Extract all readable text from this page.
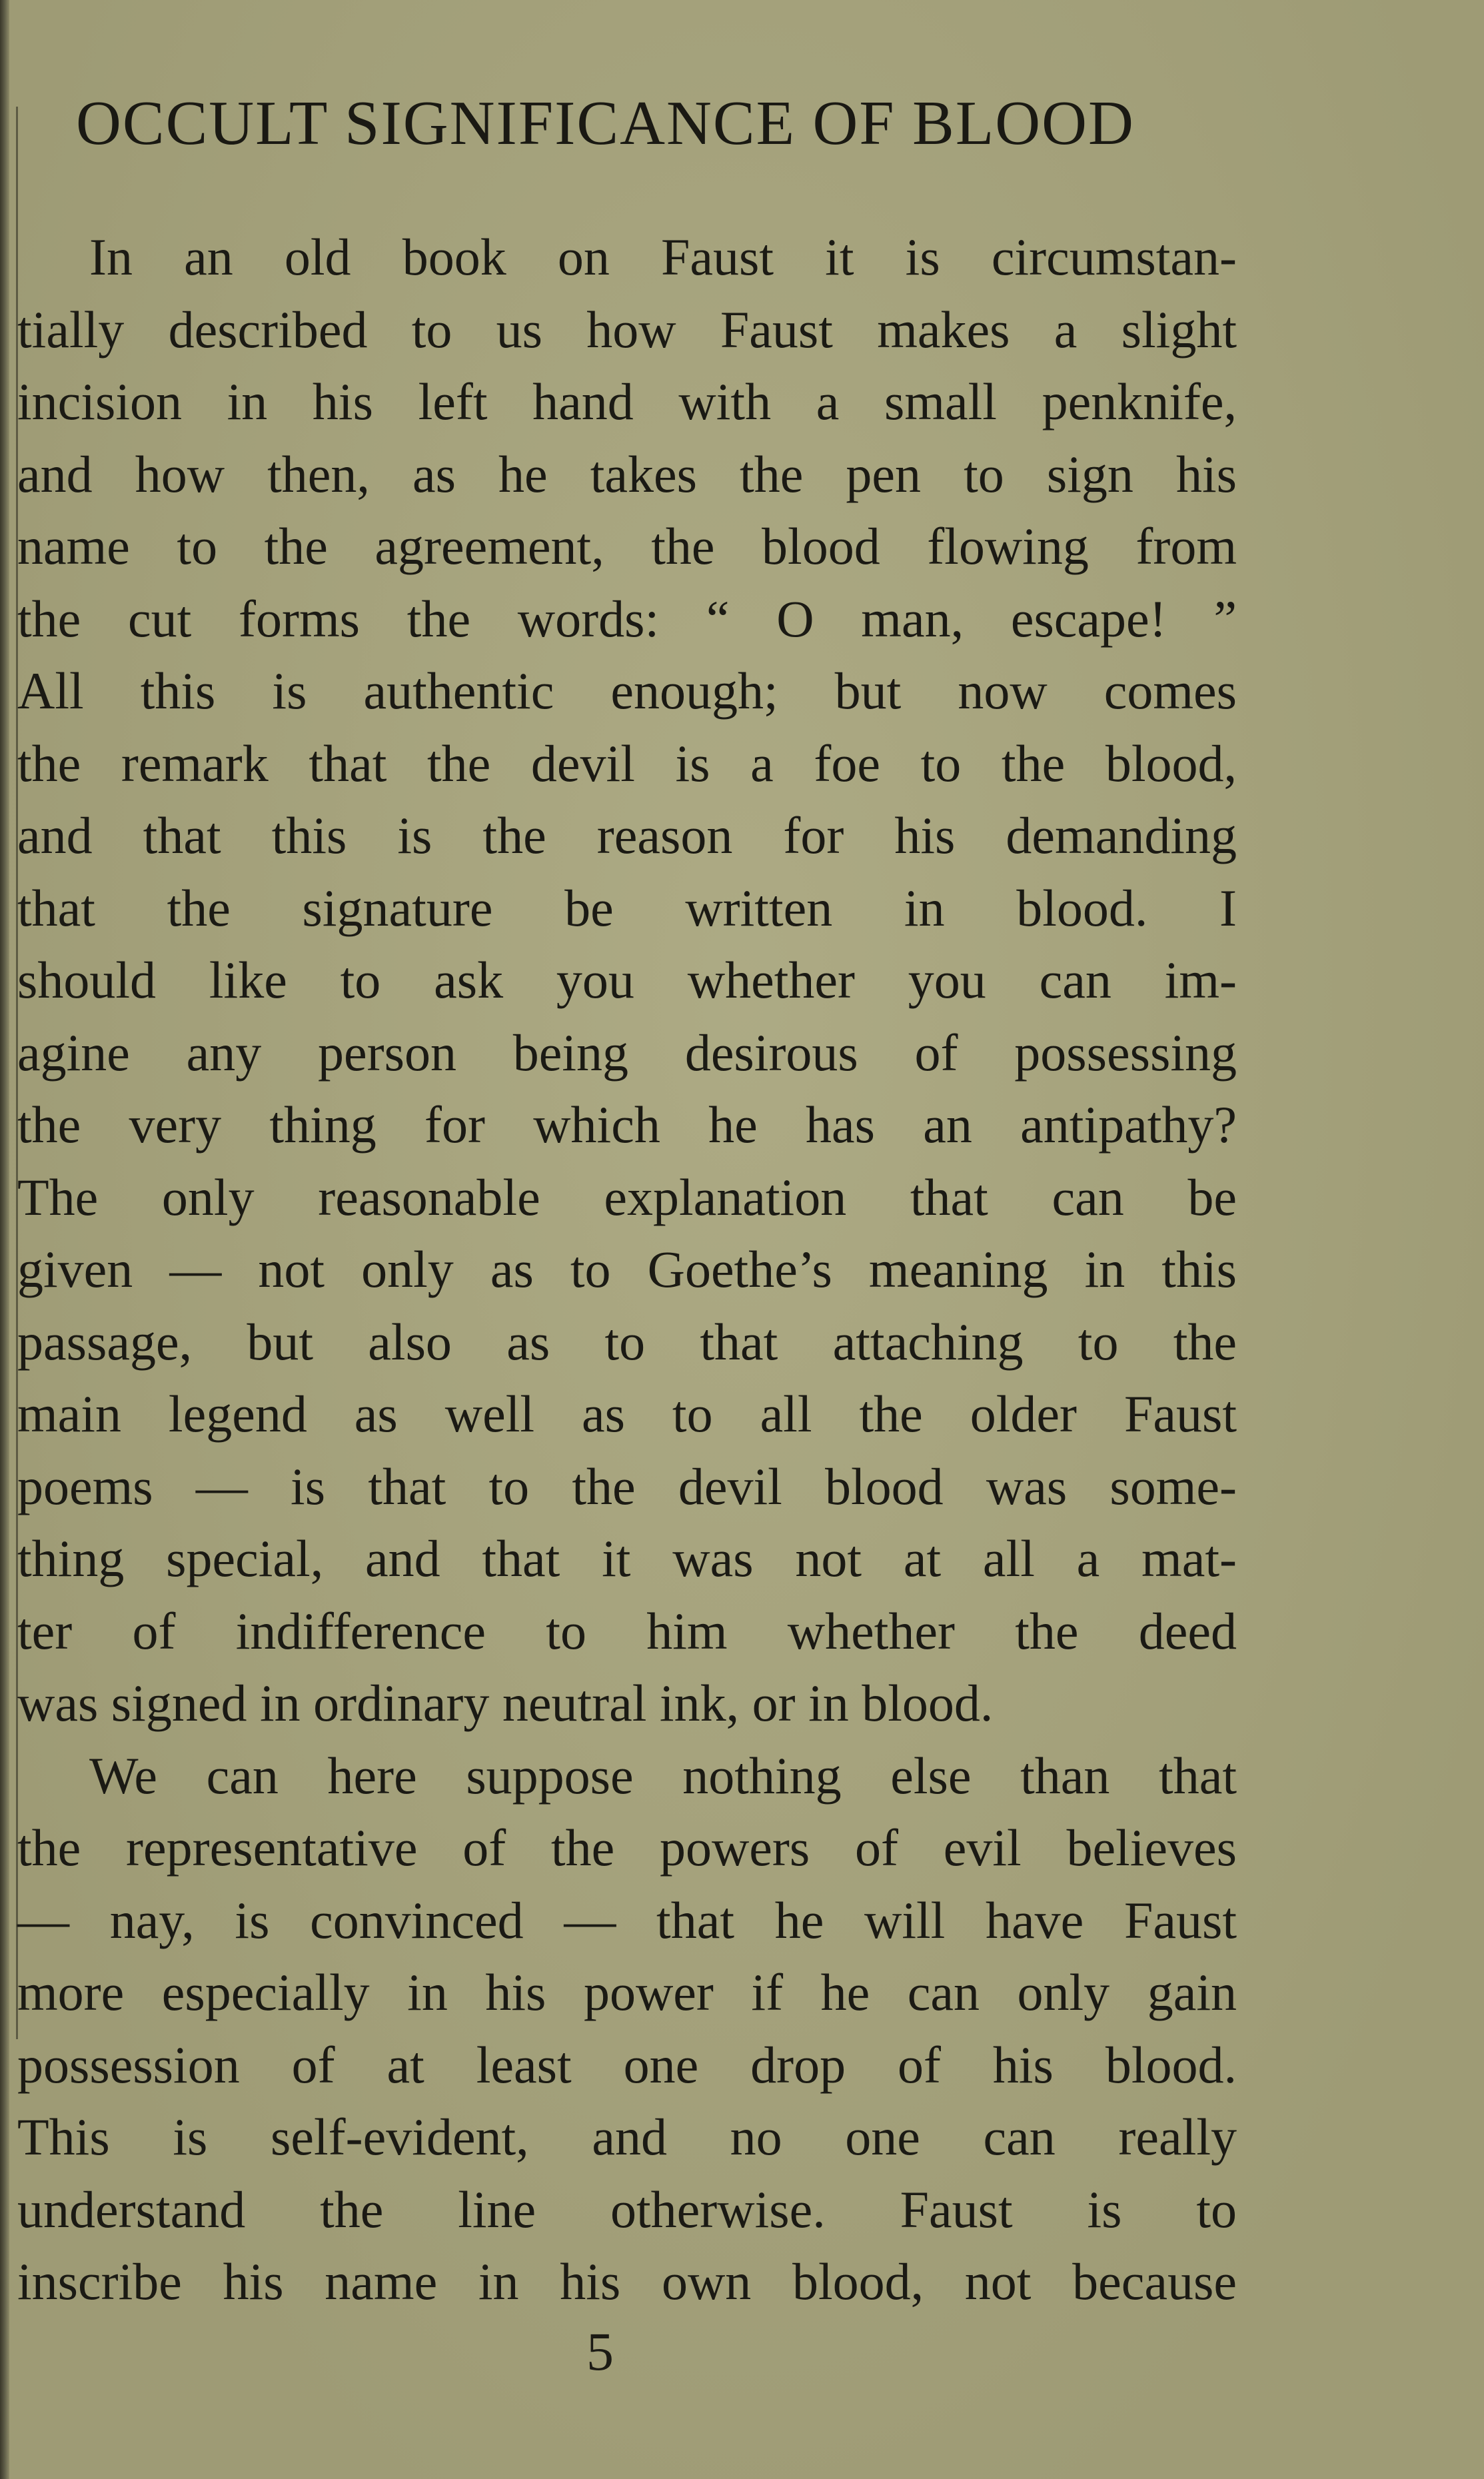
OCCULT SIGNIFICANCE OF BLOOD
In an old book on Faust it is circumstan-
tially described to us how Faust makes a slight
incision in his left hand with a small penknife,
and how then, as he takes the pen to sign his
name to the agreement, the blood flowing from
the cut forms the words: “ O man, escape! ”
All this is authentic enough; but now comes
the remark that the devil is a foe to the blood,
and that this is the reason for his demanding
that the signature be written in blood. I
should like to ask you whether you can im-
agine any person being desirous of possessing
the very thing for which he has an antipathy?
The only reasonable explanation that can be
given — not only as to Goethe’s meaning in this
passage, but also as to that attaching to the
main legend as well as to all the older Faust
poems — is that to the devil blood was some-
thing special, and that it was not at all a mat-
ter of indifference to him whether the deed
was signed in ordinary neutral ink, or in blood.
We can here suppose nothing else than that
the representative of the powers of evil believes
— nay, is convinced — that he will have Faust
more especially in his power if he can only gain
possession of at least one drop of his blood.
This is self-evident, and no one can really
understand the line otherwise. Faust is to
inscribe his name in his own blood, not because
5
